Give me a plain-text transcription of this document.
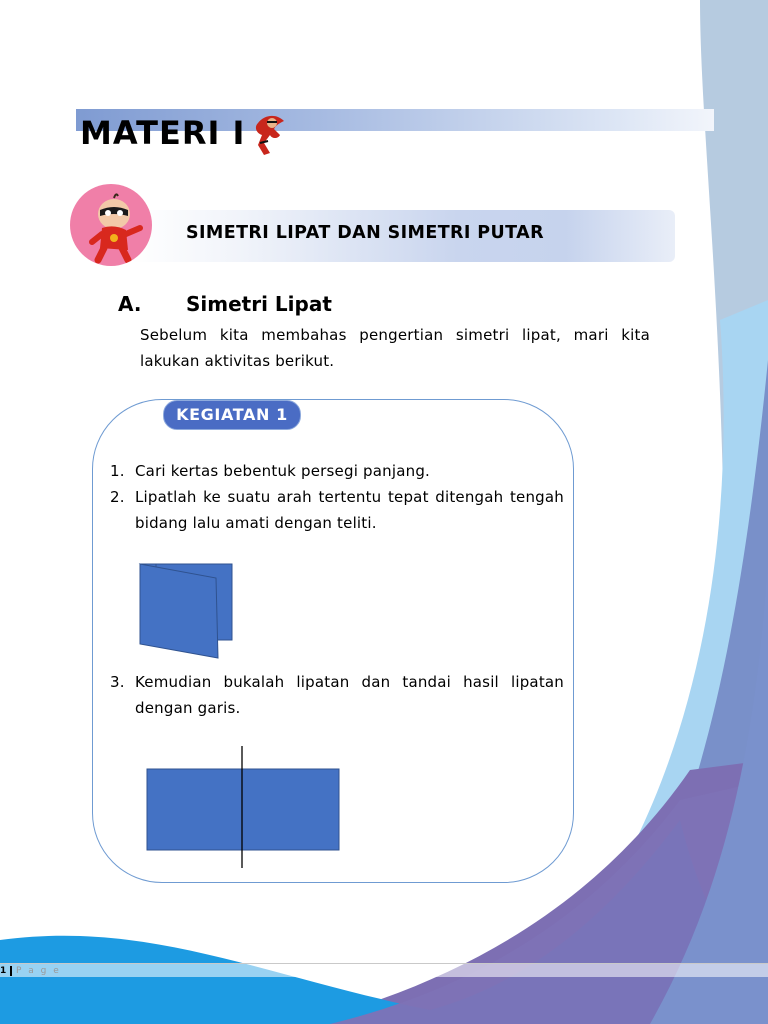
MATERI I
SIMETRI LIPAT DAN SIMETRI PUTAR

A. Simetri Lipat

Sebelum kita membahas pengertian simetri lipat, mari kita lakukan aktivitas berikut.

KEGIATAN 1
1. Cari kertas bebentuk persegi panjang.
2. Lipatlah ke suatu arah tertentu tepat ditengah tengah bidang lalu amati dengan teliti.
3. Kemudian bukalah lipatan dan tandai hasil lipatan dengan garis.

1 P a g e
